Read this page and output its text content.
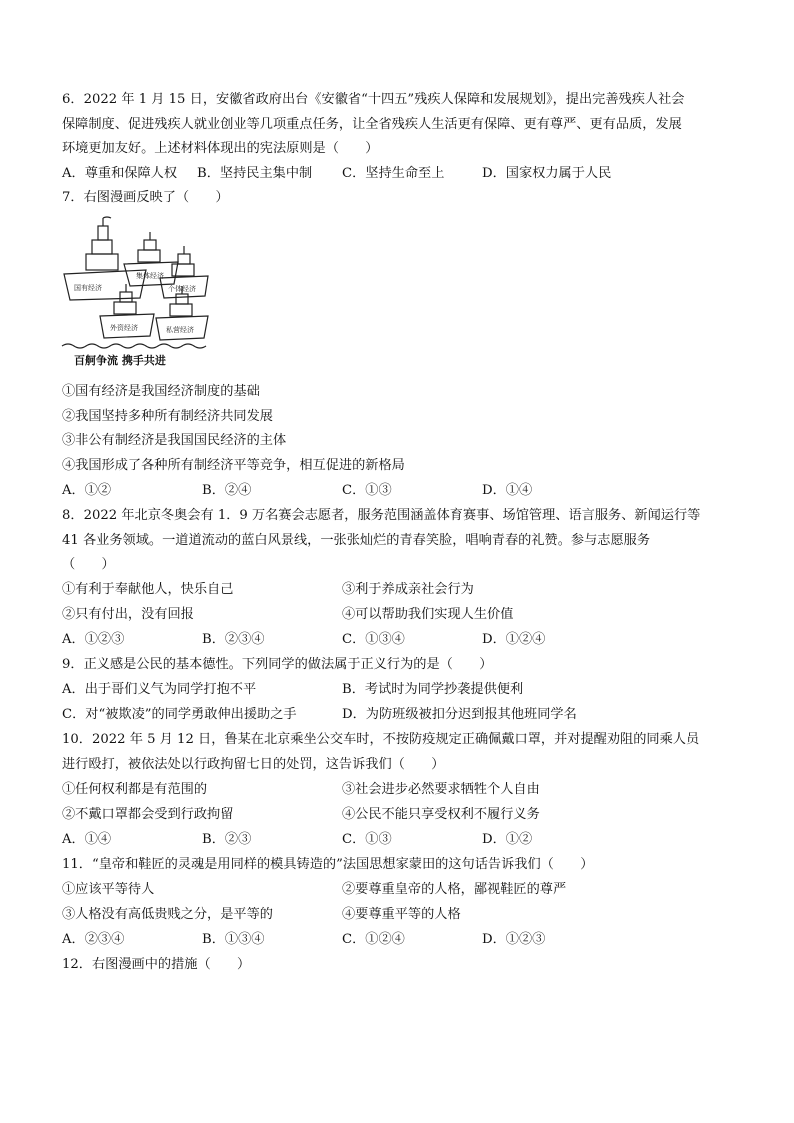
6．2022 年 1 月 15 日，安徽省政府出台《安徽省“十四五”残疾人保障和发展规划》，提出完善残疾人社会
保障制度、促进残疾人就业创业等几项重点任务，让全省残疾人生活更有保障、更有尊严、更有品质，发展
环境更加友好。上述材料体现出的宪法原则是（　　）
A．尊重和保障人权 B．坚持民主集中制 C．坚持生命至上	D．国家权力属于人民
7．右图漫画反映了（　　）
国有经济
集体经济
个体经济
外资经济	私营经济
百舸争流 携手共进
①国有经济是我国经济制度的基础
②我国坚持多种所有制经济共同发展
③非公有制经济是我国国民经济的主体
④我国形成了各种所有制经济平等竞争，相互促进的新格局
A．①②	B．②④	C．①③	D．①④
8．2022 年北京冬奥会有 1．9 万名赛会志愿者，服务范围涵盖体育赛事、场馆管理、语言服务、新闻运行等
41 各业务领域。一道道流动的蓝白风景线，一张张灿烂的青春笑脸，唱响青春的礼赞。参与志愿服务
（　　）
①有利于奉献他人，快乐自己	③利于养成亲社会行为
②只有付出，没有回报	④可以帮助我们实现人生价值
A．①②③	B．②③④	C．①③④	D．①②④
9．正义感是公民的基本德性。下列同学的做法属于正义行为的是（　　）
A．出于哥们义气为同学打抱不平	B．考试时为同学抄袭提供便利
C．对“被欺凌”的同学勇敢伸出援助之手	D．为防班级被扣分迟到报其他班同学名
10．2022 年 5 月 12 日，鲁某在北京乘坐公交车时，不按防疫规定正确佩戴口罩，并对提醒劝阻的同乘人员
进行殴打，被依法处以行政拘留七日的处罚，这告诉我们（　　）
①任何权利都是有范围的	③社会进步必然要求牺牲个人自由
②不戴口罩都会受到行政拘留	④公民不能只享受权利不履行义务
A．①④	B．②③	C．①③	D．①②
11．“皇帝和鞋匠的灵魂是用同样的模具铸造的”法国思想家蒙田的这句话告诉我们（　　）
①应该平等待人	②要尊重皇帝的人格，鄙视鞋匠的尊严
③人格没有高低贵贱之分，是平等的	④要尊重平等的人格
A．②③④	B．①③④	C．①②④	D．①②③
12．右图漫画中的措施（　　）
